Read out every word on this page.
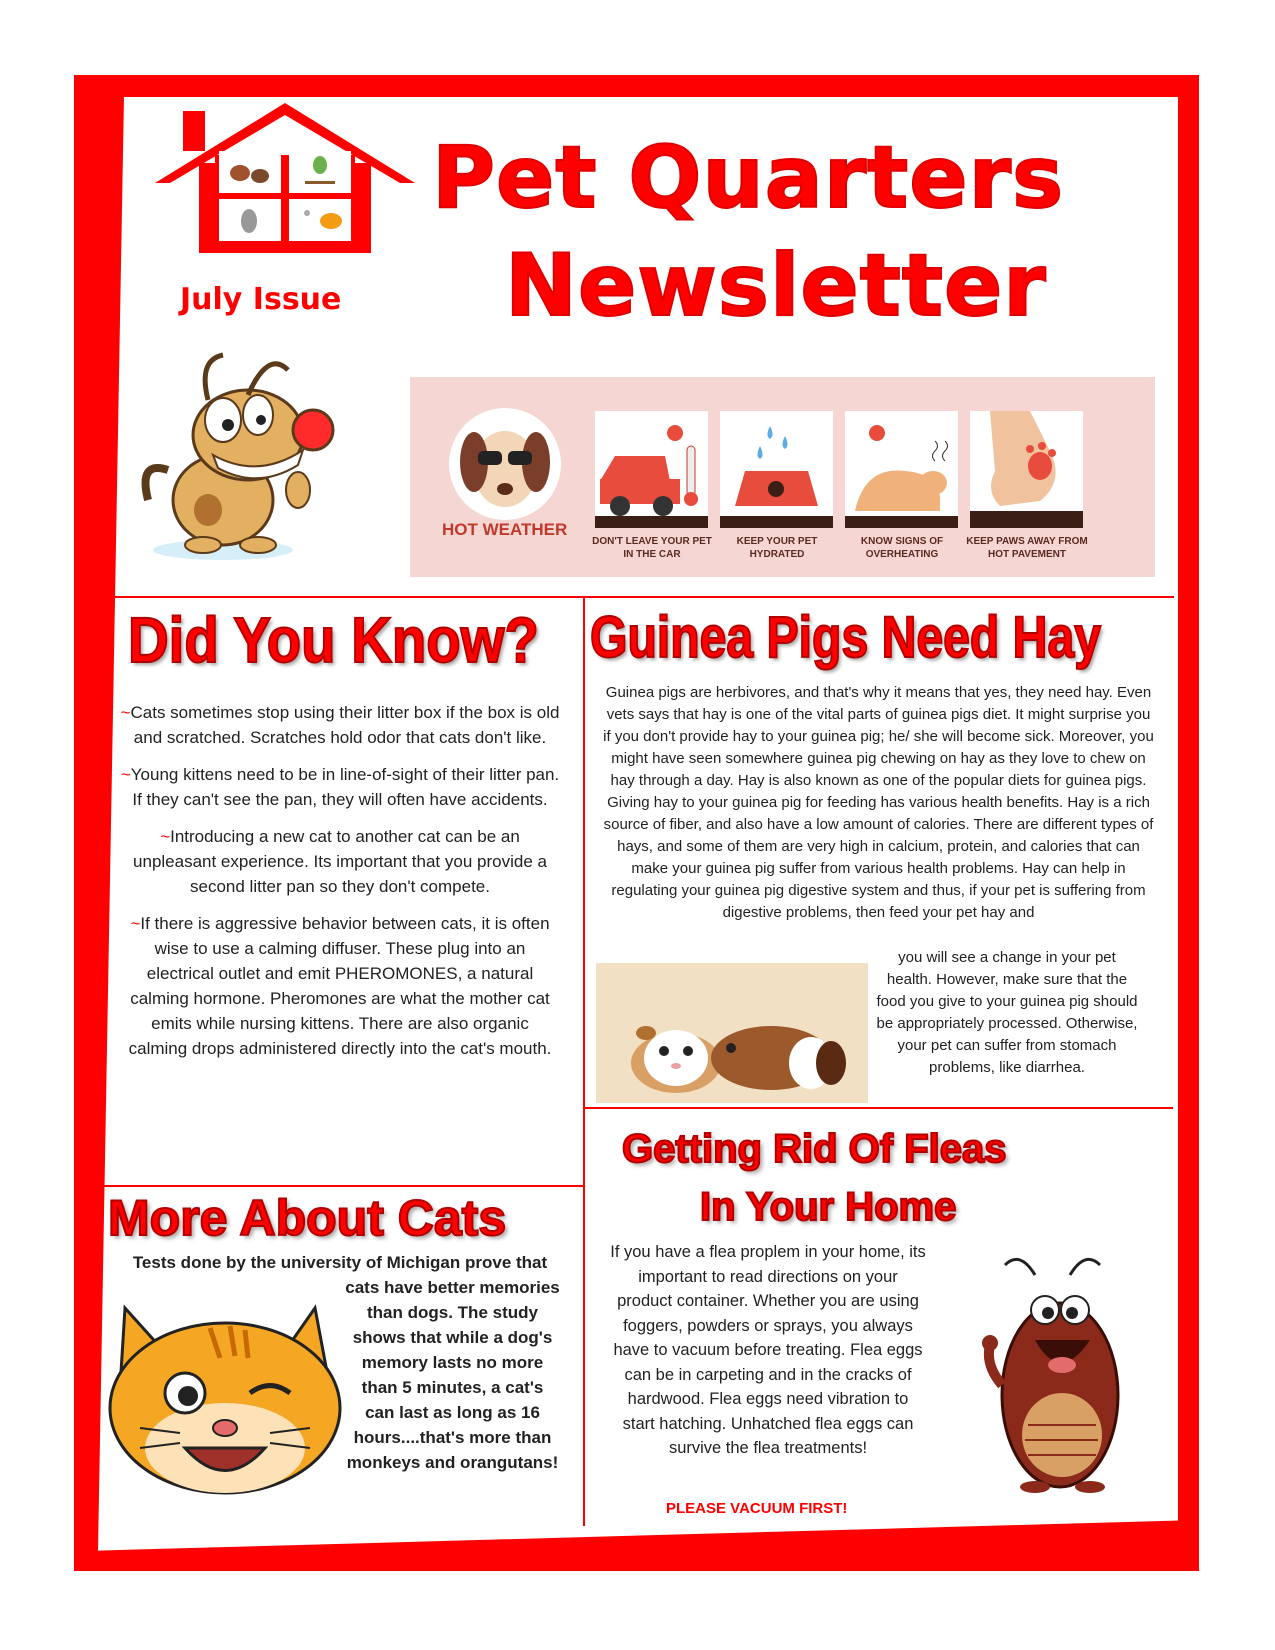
Pet Quarters
Newsletter
July Issue
HOT WEATHER
DON'T LEAVE YOUR PET IN THE CAR
KEEP YOUR PET HYDRATED
KNOW SIGNS OF OVERHEATING
KEEP PAWS AWAY FROM HOT PAVEMENT
Did You Know?

~Cats sometimes stop using their litter box if the box is old and scratched. Scratches hold odor that cats don't like.

~Young kittens need to be in line-of-sight of their litter pan. If they can't see the pan, they will often have accidents.

~Introducing a new cat to another cat can be an unpleasant experience. Its important that you provide a second litter pan so they don't compete.

~If there is aggressive behavior between cats, it is often wise to use a calming diffuser. These plug into an electrical outlet and emit PHEROMONES, a natural calming hormone. Pheromones are what the mother cat emits while nursing kittens. There are also organic calming drops administered directly into the cat's mouth.

Guinea Pigs Need Hay
Guinea pigs are herbivores, and that's why it means that yes, they need hay. Even vets says that hay is one of the vital parts of guinea pigs diet. It might surprise you if you don't provide hay to your guinea pig; he/ she will become sick. Moreover, you might have seen somewhere guinea pig chewing on hay as they love to chew on hay through a day. Hay is also known as one of the popular diets for guinea pigs. Giving hay to your guinea pig for feeding has various health benefits. Hay is a rich source of fiber, and also have a low amount of calories. There are different types of hays, and some of them are very high in calcium, protein, and calories that can make your guinea pig suffer from various health problems. Hay can help in regulating your guinea pig digestive system and thus, if your pet is suffering from digestive problems, then feed your pet hay and
you will see a change in your pet health. However, make sure that the food you give to your guinea pig should be appropriately processed. Otherwise, your pet can suffer from stomach problems, like diarrhea.
More About Cats
Tests done by the university of Michigan prove that
cats have better memories than dogs. The study shows that while a dog's memory lasts no more than 5 minutes, a cat's can last as long as 16 hours....that's more than monkeys and orangutans!
Getting Rid Of Fleas
In Your Home
If you have a flea proplem in your home, its important to read directions on your product container. Whether you are using foggers, powders or sprays, you always have to vacuum before treating. Flea eggs can be in carpeting and in the cracks of hardwood. Flea eggs need vibration to start hatching. Unhatched flea eggs can survive the flea treatments!
PLEASE VACUUM FIRST!
